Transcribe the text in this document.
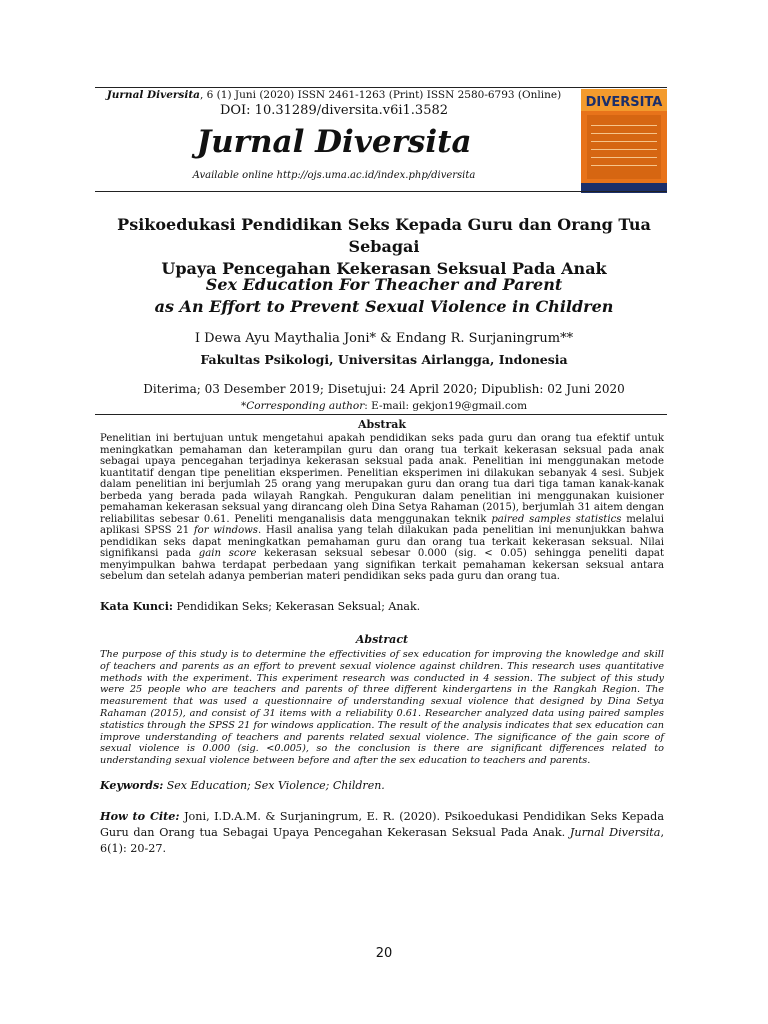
Jurnal Diversita, 6 (1) Juni (2020) ISSN 2461-1263 (Print) ISSN 2580-6793 (Online)
DOI: 10.31289/diversita.v6i1.3582
Jurnal Diversita
Available online http://ojs.uma.ac.id/index.php/diversita
DIVERSITA
Psikoedukasi Pendidikan Seks Kepada Guru dan Orang Tua Sebagai
Upaya Pencegahan Kekerasan Seksual Pada Anak
Sex Education For Theacher and Parent
as An Effort to Prevent Sexual Violence in Children
I Dewa Ayu Maythalia Joni* & Endang R. Surjaningrum**
Fakultas Psikologi, Universitas Airlangga, Indonesia
Diterima; 03 Desember 2019; Disetujui: 24 April 2020; Dipublish: 02 Juni 2020
*Corresponding author: E-mail: gekjon19@gmail.com
Abstrak
Penelitian ini bertujuan untuk mengetahui apakah pendidikan seks pada guru dan orang tua efektif untuk meningkatkan pemahaman dan keterampilan guru dan orang tua terkait kekerasan seksual pada anak sebagai upaya pencegahan terjadinya kekerasan seksual pada anak. Penelitian ini menggunakan metode kuantitatif dengan tipe penelitian eksperimen. Penelitian eksperimen ini dilakukan sebanyak 4 sesi. Subjek dalam penelitian ini berjumlah 25 orang yang merupakan guru dan orang tua dari tiga taman kanak-kanak berbeda yang berada pada wilayah Rangkah. Pengukuran dalam penelitian ini menggunakan kuisioner pemahaman kekerasan seksual yang dirancang oleh Dina Setya Rahaman (2015), berjumlah 31 aitem dengan reliabilitas sebesar 0.61. Peneliti menganalisis data menggunakan teknik paired samples statistics melalui aplikasi SPSS 21 for windows. Hasil analisa yang telah dilakukan pada penelitian ini menunjukkan bahwa pendidikan seks dapat meningkatkan pemahaman guru dan orang tua terkait kekerasan seksual. Nilai signifikansi pada gain score kekerasan seksual sebesar 0.000 (sig. < 0.05) sehingga peneliti dapat menyimpulkan bahwa terdapat perbedaan yang signifikan terkait pemahaman kekersan seksual antara sebelum dan setelah adanya pemberian materi pendidikan seks pada guru dan orang tua.
Kata Kunci: Pendidikan Seks; Kekerasan Seksual; Anak.
Abstract
The purpose of this study is to determine the effectivities of sex education for improving the knowledge and skill of teachers and parents as an effort to prevent sexual violence against children. This research uses quantitative methods with the experiment. This experiment research was conducted in 4 session. The subject of this study were 25 people who are teachers and parents of three different kindergartens in the Rangkah Region. The measurement that was used a questionnaire of understanding sexual violence that designed by Dina Setya Rahaman (2015), and consist of 31 items with a reliability 0.61. Researcher analyzed data using paired samples statistics through the SPSS 21 for windows application. The result of the analysis indicates that sex education can improve understanding of teachers and parents related sexual violence. The significance of the gain score of sexual violence is 0.000 (sig. <0.005), so the conclusion is there are significant differences related to understanding sexual violence between before and after the sex education to teachers and parents.
Keywords: Sex Education; Sex Violence; Children.
How to Cite: Joni, I.D.A.M. & Surjaningrum, E. R. (2020). Psikoedukasi Pendidikan Seks Kepada Guru dan Orang tua Sebagai Upaya Pencegahan Kekerasan Seksual Pada Anak. Jurnal Diversita, 6(1): 20-27.
20
